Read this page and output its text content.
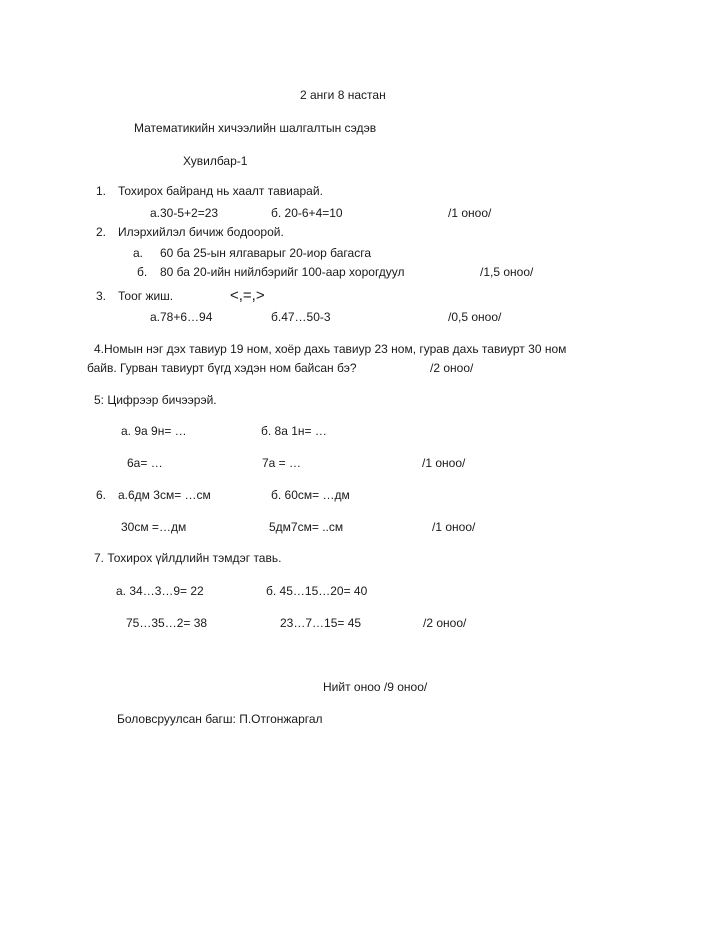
2 анги 8 настан
Математикийн хичээлийн шалгалтын сэдэв
Хувилбар-1
1. Тохирох байранд нь хаалт тавиарай.
а.30-5+2=23	б. 20-6+4=10	/1 оноо/
2. Илэрхийлэл бичиж бодоорой.
а. 60 ба 25-ын ялгаварыг 20-иор багасга
б. 80 ба 20-ийн нийлбэрийг 100-аар хорогдуул	/1,5 оноо/
3. Тоог жиш.	<,=,>
а.78+6…94	б.47…50-3	/0,5 оноо/
4.Номын нэг дэх тавиур 19 ном, хоёр дахь тавиур 23 ном, гурав дахь тавиурт 30 ном
байв. Гурван тавиурт бүгд хэдэн ном байсан бэ?	/2 оноо/
5: Цифрээр бичээрэй.
а. 9а 9н= …	б. 8а 1н= …
6а= …	7а = …	/1 оноо/
6. а.6дм 3см= …см	б. 60см= …дм
30см =…дм	5дм7см= ..см	/1 оноо/
7. Тохирох үйлдлийн тэмдэг тавь.
а. 34…3…9= 22	б. 45…15…20= 40
75…35…2= 38	23…7…15= 45	/2 оноо/
Нийт оноо /9 оноо/
Боловсруулсан багш: П.Отгонжаргал
